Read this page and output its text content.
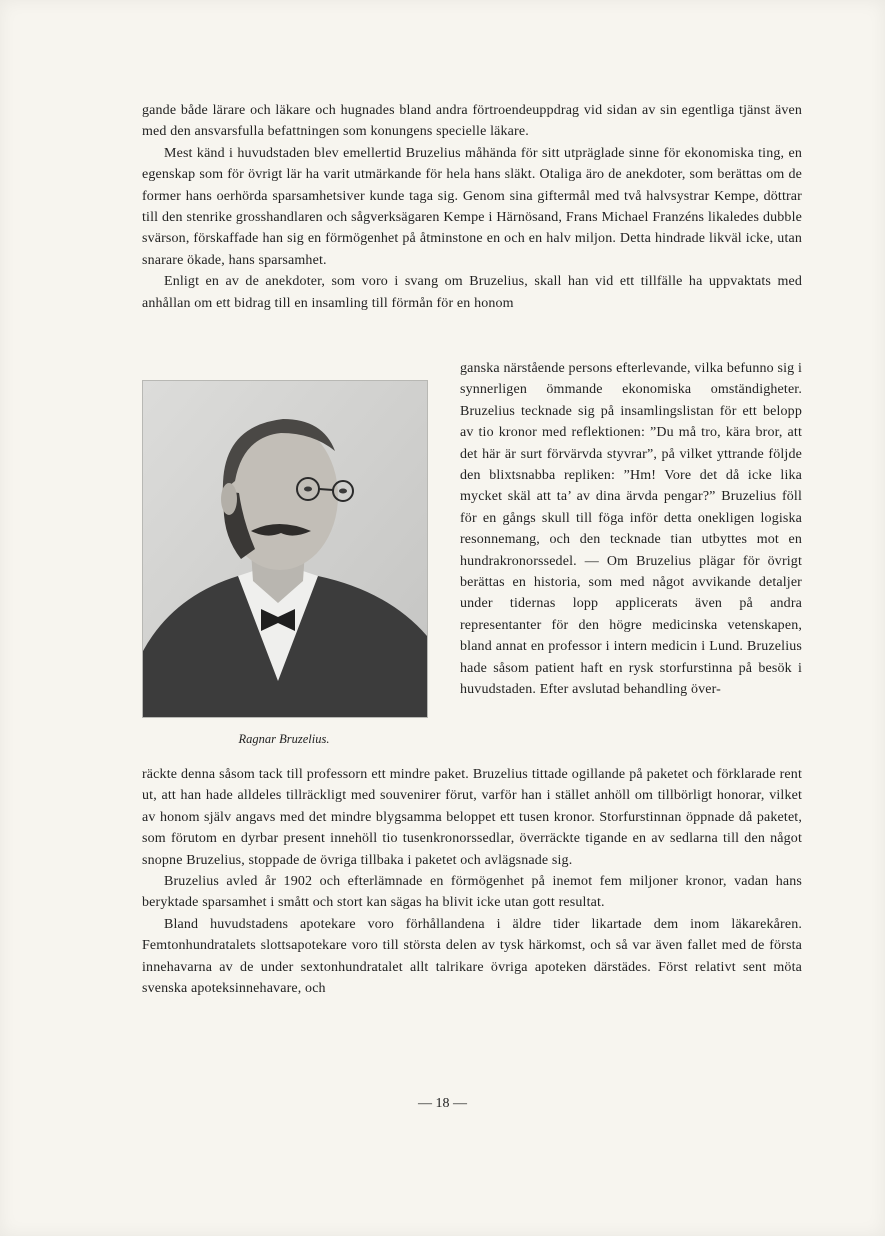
gande både lärare och läkare och hugnades bland andra förtroendeuppdrag vid sidan av sin egentliga tjänst även med den ansvarsfulla befattningen som konungens specielle läkare.

Mest känd i huvudstaden blev emellertid Bruzelius måhända för sitt utpräglade sinne för ekonomiska ting, en egenskap som för övrigt lär ha varit utmärkande för hela hans släkt. Otaliga äro de anekdoter, som berättas om de former hans oerhörda sparsamhetsiver kunde taga sig. Genom sina giftermål med två halvsystrar Kempe, döttrar till den stenrike grosshandlaren och sågverksägaren Kempe i Härnösand, Frans Michael Franzéns likaledes dubble svärson, förskaffade han sig en förmögenhet på åtminstone en och en halv miljon. Detta hindrade likväl icke, utan snarare ökade, hans sparsamhet.

Enligt en av de anekdoter, som voro i svang om Bruzelius, skall han vid ett tillfälle ha uppvaktats med anhållan om ett bidrag till en insamling till förmån för en honom

Ragnar Bruzelius.

ganska närstående persons efterlevande, vilka befunno sig i synnerligen ömmande ekonomiska omständigheter. Bruzelius tecknade sig på insamlingslistan för ett belopp av tio kronor med reflektionen: ”Du må tro, kära bror, att det här är surt förvärvda styvrar”, på vilket yttrande följde den blixtsnabba repliken: ”Hm! Vore det då icke lika mycket skäl att ta’ av dina ärvda pengar?” Bruzelius föll för en gångs skull till föga inför detta onekligen logiska resonnemang, och den tecknade tian utbyttes mot en hundrakronorssedel. — Om Bruzelius plägar för övrigt berättas en historia, som med något avvikande detaljer under tidernas lopp applicerats även på andra representanter för den högre medicinska vetenskapen, bland annat en professor i intern medicin i Lund. Bruzelius hade såsom patient haft en rysk storfurstinna på besök i huvudstaden. Efter avslutad behandling över-

räckte denna såsom tack till professorn ett mindre paket. Bruzelius tittade ogillande på paketet och förklarade rent ut, att han hade alldeles tillräckligt med souvenirer förut, varför han i stället anhöll om tillbörligt honorar, vilket av honom själv angavs med det mindre blygsamma beloppet ett tusen kronor. Storfurstinnan öppnade då paketet, som förutom en dyrbar present innehöll tio tusenkronorssedlar, överräckte tigande en av sedlarna till den något snopne Bruzelius, stoppade de övriga tillbaka i paketet och avlägsnade sig.

Bruzelius avled år 1902 och efterlämnade en förmögenhet på inemot fem miljoner kronor, vadan hans beryktade sparsamhet i smått och stort kan sägas ha blivit icke utan gott resultat.

Bland huvudstadens apotekare voro förhållandena i äldre tider likartade dem inom läkarekåren. Femtonhundratalets slottsapotekare voro till största delen av tysk härkomst, och så var även fallet med de första innehavarna av de under sextonhundratalet allt talrikare övriga apoteken därstädes. Först relativt sent möta svenska apoteksinnehavare, och

— 18 —
